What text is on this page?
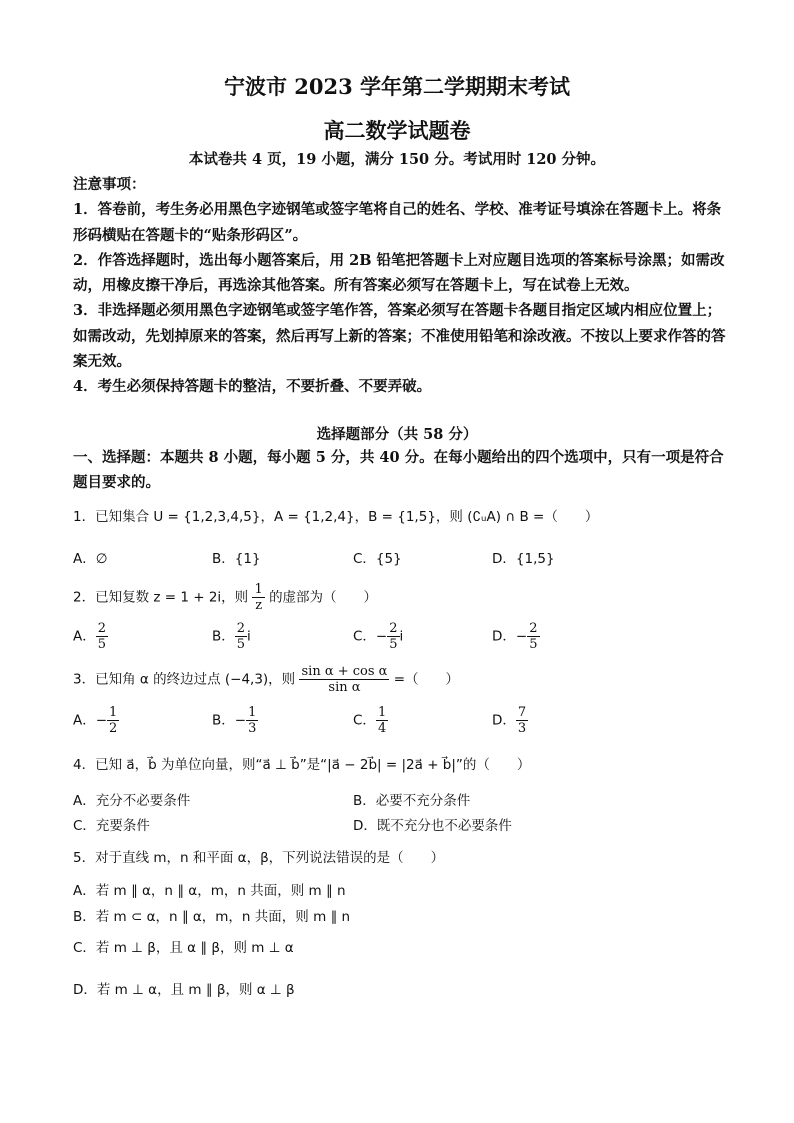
宁波市 2023 学年第二学期期末考试
高二数学试题卷
本试卷共 4 页，19 小题，满分 150 分。考试用时 120 分钟。

注意事项：

1．答卷前，考生务必用黑色字迹钢笔或签字笔将自己的姓名、学校、准考证号填涂在答题卡上。将条形码横贴在答题卡的“贴条形码区”。

2．作答选择题时，选出每小题答案后，用 2B 铅笔把答题卡上对应题目选项的答案标号涂黑；如需改动，用橡皮擦干净后，再选涂其他答案。所有答案必须写在答题卡上，写在试卷上无效。

3．非选择题必须用黑色字迹钢笔或签字笔作答，答案必须写在答题卡各题目指定区域内相应位置上；如需改动，先划掉原来的答案，然后再写上新的答案；不准使用铅笔和涂改液。不按以上要求作答的答案无效。

4．考生必须保持答题卡的整洁，不要折叠、不要弄破。

选择题部分（共 58 分）
一、选择题：本题共 8 小题，每小题 5 分，共 40 分。在每小题给出的四个选项中，只有一项是符合题目要求的。
1．已知集合 U = {1,2,3,4,5}，A = {1,2,4}，B = {1,5}，则 (∁ᵤA) ∩ B =（　　）
A．∅	B．{1}	C．{5}	D．{1,5}
2．已知复数 z = 1 + 2i，则 $\frac{1}{z}$ 的虚部为（　　）
A． $\frac{2}{5}$	B． $\frac{2}{5}$ i	C．− $\frac{2}{5}$ i	D．− $\frac{2}{5}$
3．已知角 α 的终边过点 (−4,3)，则 $\frac{\text{sin α + cos α}}{\text{sin α}}$ =（　　）
A．− $\frac{1}{2}$	B．− $\frac{1}{3}$	C． $\frac{1}{4}$	D． $\frac{7}{3}$
4．已知 a⃗，b⃗ 为单位向量，则“a⃗ ⊥ b⃗”是“|a⃗ − 2b⃗| = |2a⃗ + b⃗|”的（　　）
A．充分不必要条件	B．必要不充分条件
C．充要条件	D．既不充分也不必要条件
5．对于直线 m，n 和平面 α，β，下列说法错误的是（　　）
A．若 m ∥ α，n ∥ α，m，n 共面，则 m ∥ n
B．若 m ⊂ α，n ∥ α，m，n 共面，则 m ∥ n
C．若 m ⊥ β，且 α ∥ β，则 m ⊥ α
D．若 m ⊥ α，且 m ∥ β，则 α ⊥ β
